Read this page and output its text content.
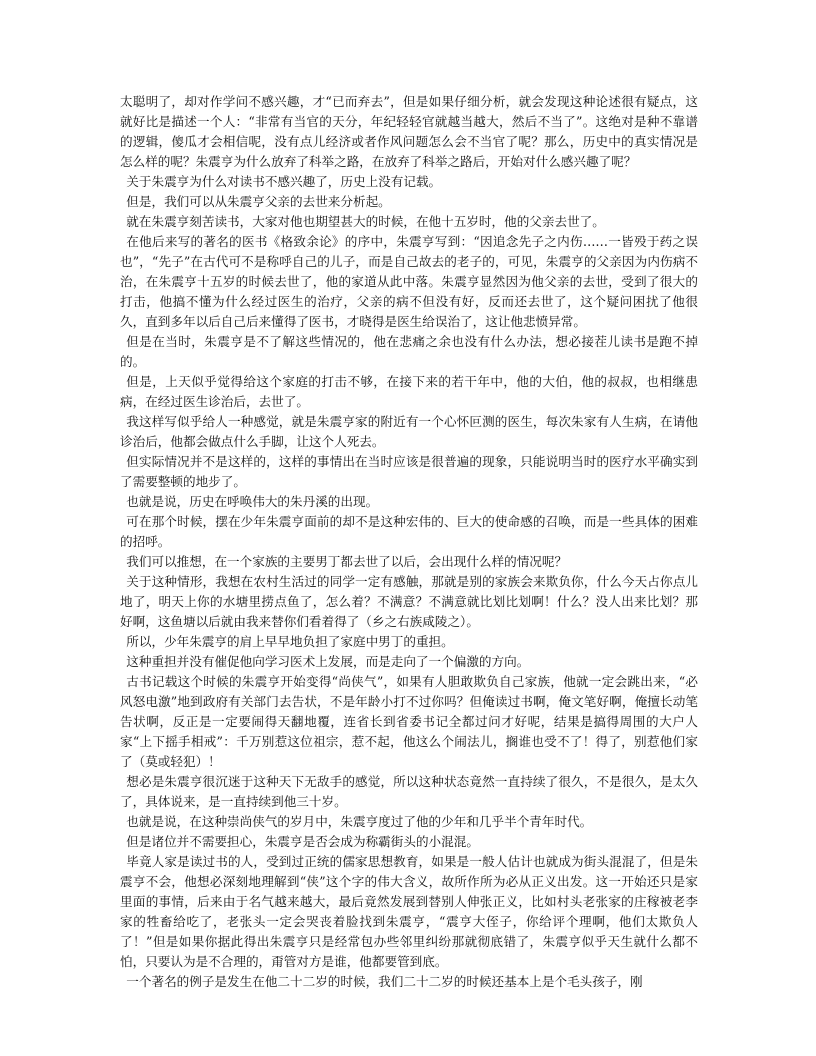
太聪明了，却对作学问不感兴趣，才“已而弃去”，但是如果仔细分析，就会发现这种论述很有疑点，这就好比是描述一个人：“非常有当官的天分，年纪轻轻官就越当越大，然后不当了”。这绝对是种不靠谱的逻辑，傻瓜才会相信呢，没有点儿经济或者作风问题怎么会不当官了呢？那么，历史中的真实情况是怎么样的呢？朱震亨为什么放弃了科举之路，在放弃了科举之路后，开始对什么感兴趣了呢？

关于朱震亨为什么对读书不感兴趣了，历史上没有记载。

但是，我们可以从朱震亨父亲的去世来分析起。

就在朱震亨刻苦读书，大家对他也期望甚大的时候，在他十五岁时，他的父亲去世了。

在他后来写的著名的医书《格致余论》的序中，朱震亨写到：“因追念先子之内伤……一皆殁于药之误也”，“先子”在古代可不是称呼自己的儿子，而是自己故去的老子的，可见，朱震亨的父亲因为内伤病不治，在朱震亨十五岁的时候去世了，他的家道从此中落。朱震亨显然因为他父亲的去世，受到了很大的打击，他搞不懂为什么经过医生的治疗，父亲的病不但没有好，反而还去世了，这个疑问困扰了他很久，直到多年以后自己后来懂得了医书，才晓得是医生给误治了，这让他悲愤异常。

但是在当时，朱震亨是不了解这些情况的，他在悲痛之余也没有什么办法，想必接茬儿读书是跑不掉的。

但是，上天似乎觉得给这个家庭的打击不够，在接下来的若干年中，他的大伯，他的叔叔，也相继患病，在经过医生诊治后，去世了。

我这样写似乎给人一种感觉，就是朱震亨家的附近有一个心怀叵测的医生，每次朱家有人生病，在请他诊治后，他都会做点什么手脚，让这个人死去。

但实际情况并不是这样的，这样的事情出在当时应该是很普遍的现象，只能说明当时的医疗水平确实到了需要整顿的地步了。

也就是说，历史在呼唤伟大的朱丹溪的出现。

可在那个时候，摆在少年朱震亨面前的却不是这种宏伟的、巨大的使命感的召唤，而是一些具体的困难的招呼。

我们可以推想，在一个家族的主要男丁都去世了以后，会出现什么样的情况呢？

关于这种情形，我想在农村生活过的同学一定有感触，那就是别的家族会来欺负你，什么今天占你点儿地了，明天上你的水塘里捞点鱼了，怎么着？不满意？不满意就比划比划啊！什么？没人出来比划？那好啊，这鱼塘以后就由我来替你们看着得了（乡之右族咸陵之）。

所以，少年朱震亨的肩上早早地负担了家庭中男丁的重担。

这种重担并没有催促他向学习医术上发展，而是走向了一个偏激的方向。

古书记载这个时候的朱震亨开始变得“尚侠气”，如果有人胆敢欺负自己家族，他就一定会跳出来，“必风怒电激”地到政府有关部门去告状，不是年龄小打不过你吗？但俺读过书啊，俺文笔好啊，俺擅长动笔告状啊，反正是一定要闹得天翻地覆，连省长到省委书记全都过问才好呢，结果是搞得周围的大户人家“上下摇手相戒”：千万别惹这位祖宗，惹不起，他这么个闹法儿，搁谁也受不了！得了，别惹他们家了（莫或轻犯）！

想必是朱震亨很沉迷于这种天下无敌手的感觉，所以这种状态竟然一直持续了很久，不是很久，是太久了，具体说来，是一直持续到他三十岁。

也就是说，在这种崇尚侠气的岁月中，朱震亨度过了他的少年和几乎半个青年时代。

但是诸位并不需要担心，朱震亨是否会成为称霸街头的小混混。

毕竟人家是读过书的人，受到过正统的儒家思想教育，如果是一般人估计也就成为街头混混了，但是朱震亨不会，他想必深刻地理解到“侠”这个字的伟大含义，故所作所为必从正义出发。这一开始还只是家里面的事情，后来由于名气越来越大，最后竟然发展到替别人伸张正义，比如村头老张家的庄稼被老李家的牲畜给吃了，老张头一定会哭丧着脸找到朱震亨，“震亨大侄子，你给评个理啊，他们太欺负人了！”但是如果你据此得出朱震亨只是经常包办些邻里纠纷那就彻底错了，朱震亨似乎天生就什么都不怕，只要认为是不合理的，甭管对方是谁，他都要管到底。

一个著名的例子是发生在他二十二岁的时候，我们二十二岁的时候还基本上是个毛头孩子，刚
